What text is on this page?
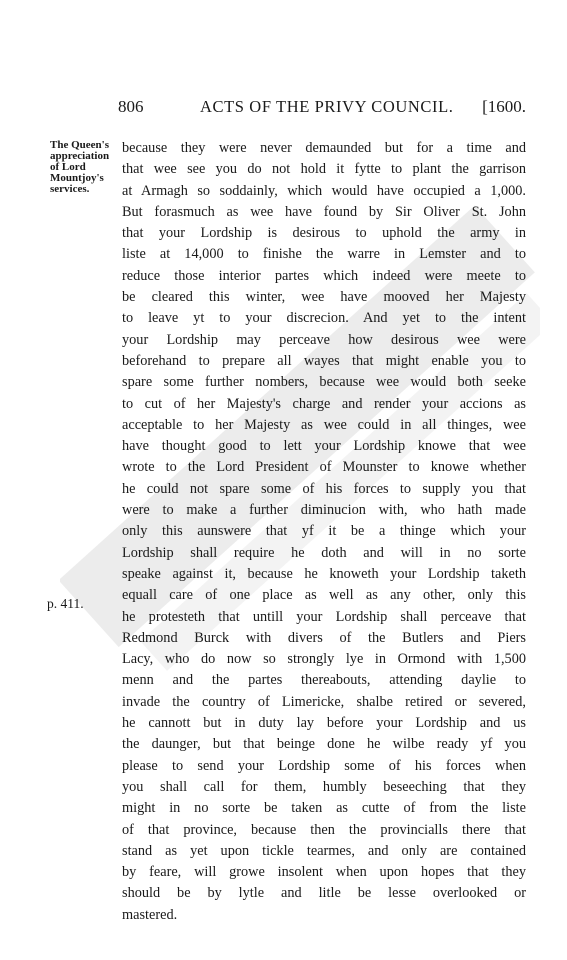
806	ACTS OF THE PRIVY COUNCIL. [1600.
The Queen's
appreciation
of Lord
Mountjoy's
services.
p. 411.
because they were never demaunded but for a time and
that wee see you do not hold it fytte to plant the garrison
at Armagh so soddainly, which would have occupied a 1,000.
But forasmuch as wee have found by Sir Oliver St. John
that your Lordship is desirous to uphold the army in
liste at 14,000 to finishe the warre in Lemster and to
reduce those interior partes which indeed were meete to
be cleared this winter, wee have mooved her Majesty
to leave yt to your discrecion. And yet to the intent
your Lordship may perceave how desirous wee were
beforehand to prepare all wayes that might enable you to
spare some further nombers, because wee would both seeke
to cut of her Majesty's charge and render your accions as
acceptable to her Majesty as wee could in all thinges, wee
have thought good to lett your Lordship knowe that wee
wrote to the Lord President of Mounster to knowe whether
he could not spare some of his forces to supply you that
were to make a further diminucion with, who hath made
only this aunswere that yf it be a thinge which your
Lordship shall require he doth and will in no sorte
speake against it, because he knoweth your Lordship taketh
equall care of one place as well as any other, only this
he protesteth that untill your Lordship shall perceave that
Redmond Burck with divers of the Butlers and Piers
Lacy, who do now so strongly lye in Ormond with 1,500
menn and the partes thereabouts, attending daylie to
invade the country of Limericke, shalbe retired or severed,
he cannott but in duty lay before your Lordship and us
the daunger, but that beinge done he wilbe ready yf you
please to send your Lordship some of his forces when
you shall call for them, humbly beseeching that they
might in no sorte be taken as cutte of from the liste
of that province, because then the provincialls there that
stand as yet upon tickle tearmes, and only are contained
by feare, will growe insolent when upon hopes that they
should be by lytle and litle be lesse overlooked or
mastered.
